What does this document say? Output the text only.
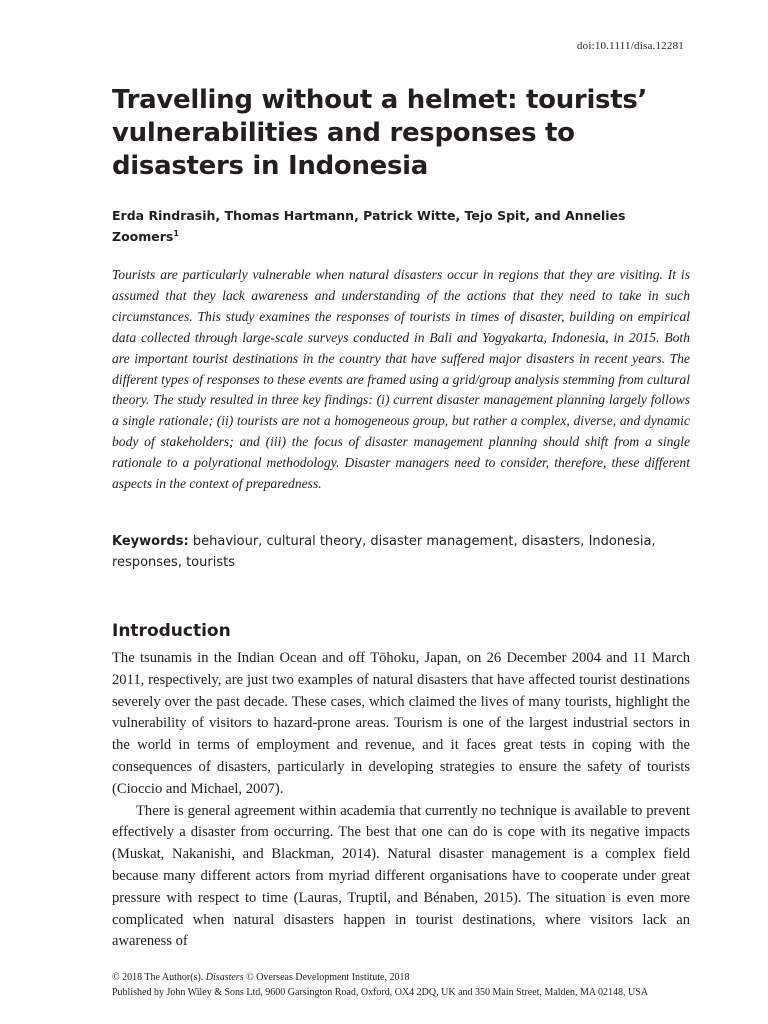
doi:10.1111/disa.12281
Travelling without a helmet: tourists’ vulnerabilities and responses to disasters in Indonesia
Erda Rindrasih, Thomas Hartmann, Patrick Witte, Tejo Spit, and Annelies Zoomers$^1$

Tourists are particularly vulnerable when natural disasters occur in regions that they are visiting. It is assumed that they lack awareness and understanding of the actions that they need to take in such circumstances. This study examines the responses of tourists in times of disaster, building on empirical data collected through large-scale surveys conducted in Bali and Yogyakarta, Indonesia, in 2015. Both are important tourist destinations in the country that have suffered major disasters in recent years. The different types of responses to these events are framed using a grid/group analysis stemming from cultural theory. The study resulted in three key findings: (i) current disaster management planning largely follows a single rationale; (ii) tourists are not a homogeneous group, but rather a complex, diverse, and dynamic body of stakeholders; and (iii) the focus of disaster management planning should shift from a single rationale to a polyrational methodology. Disaster managers need to consider, therefore, these different aspects in the context of preparedness.

Keywords: behaviour, cultural theory, disaster management, disasters, Indonesia, responses, tourists
Introduction

The tsunamis in the Indian Ocean and off Tōhoku, Japan, on 26 December 2004 and 11 March 2011, respectively, are just two examples of natural disasters that have affected tourist destinations severely over the past decade. These cases, which claimed the lives of many tourists, highlight the vulnerability of visitors to hazard-prone areas. Tourism is one of the largest industrial sectors in the world in terms of employment and revenue, and it faces great tests in coping with the consequences of disasters, particularly in developing strategies to ensure the safety of tourists (Cioccio and Michael, 2007).

There is general agreement within academia that currently no technique is available to prevent effectively a disaster from occurring. The best that one can do is cope with its negative impacts (Muskat, Nakanishi, and Blackman, 2014). Natural disaster management is a complex field because many different actors from myriad different organisations have to cooperate under great pressure with respect to time (Lauras, Truptil, and Bénaben, 2015). The situation is even more complicated when natural disasters happen in tourist destinations, where visitors lack an awareness of

© 2018 The Author(s). Disasters © Overseas Development Institute, 2018
Published by John Wiley & Sons Ltd, 9600 Garsington Road, Oxford, OX4 2DQ, UK and 350 Main Street, Malden, MA 02148, USA
